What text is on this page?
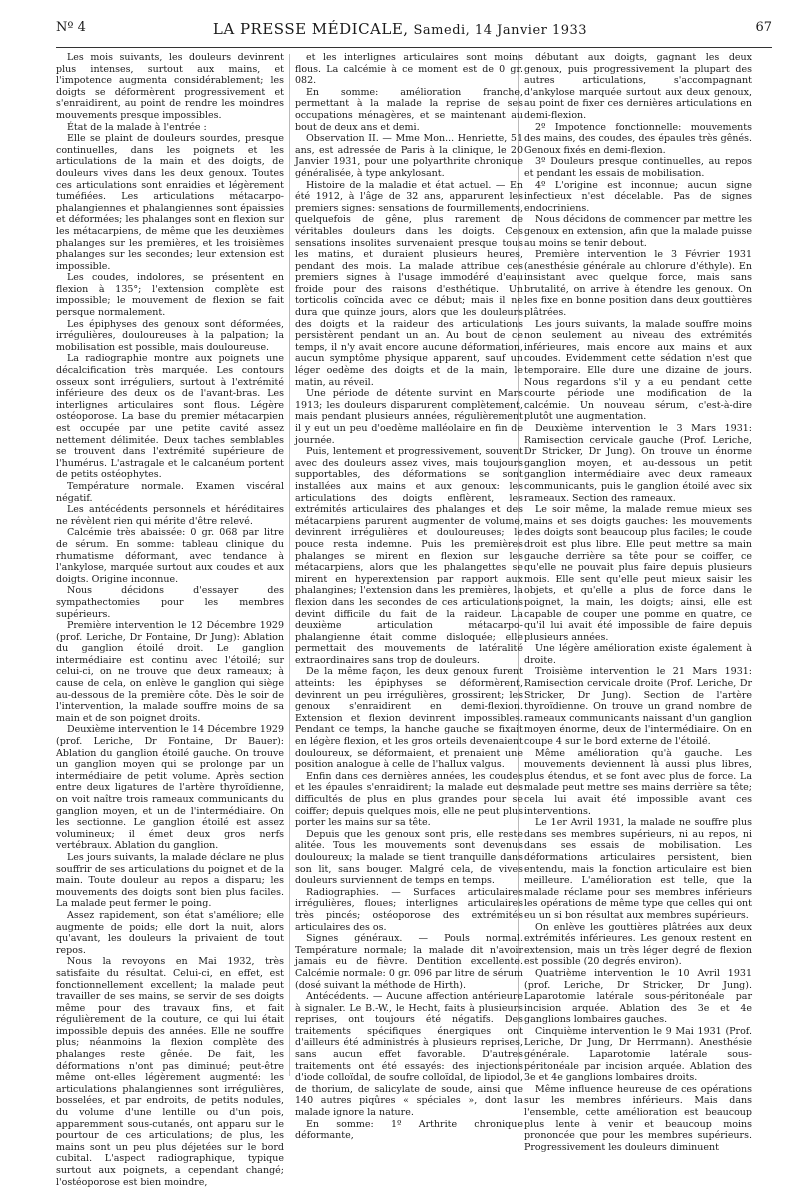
Nº 4	LA PRESSE MÉDICALE, Samedi, 14 Janvier 1933	67

Les mois suivants, les douleurs devinrent plus intenses, surtout aux mains, et l'impotence augmenta considérablement; les doigts se déformèrent progressivement et s'enraidirent, au point de rendre les moindres mouvements presque impossibles.

État de la malade à l'entrée :

Elle se plaint de douleurs sourdes, presque continuelles, dans les poignets et les articulations de la main et des doigts, de douleurs vives dans les deux genoux. Toutes ces articulations sont enraidies et légèrement tuméfiées. Les articulations métacarpo-phalangiennes et phalangiennes sont épaissies et déformées; les phalanges sont en flexion sur les métacarpiens, de même que les deuxièmes phalanges sur les premières, et les troisièmes phalanges sur les secondes; leur extension est impossible.

Les coudes, indolores, se présentent en flexion à 135°; l'extension complète est impossible; le mouvement de flexion se fait persque normalement.

Les épiphyses des genoux sont déformées, irrégulières, douloureuses à la palpation; la mobilisation est possible, mais douloureuse.

La radiographie montre aux poignets une décalcification très marquée. Les contours osseux sont irréguliers, surtout à l'extrémité inférieure des deux os de l'avant-bras. Les interlignes articulaires sont flous. Légère ostéoporose. La base du premier métacarpien est occupée par une petite cavité assez nettement délimitée. Deux taches semblables se trouvent dans l'extrémité supérieure de l'humérus. L'astragale et le calcanéum portent de petits ostéophytes.

Température normale. Examen viscéral négatif.

Les antécédents personnels et héréditaires ne révèlent rien qui mérite d'être relevé.

Calcémie très abaissée: 0 gr. 068 par litre de sérum. En somme: tableau clinique du rhumatisme déformant, avec tendance à l'ankylose, marquée surtout aux coudes et aux doigts. Origine inconnue.

Nous décidons d'essayer des sympathectomies pour les membres supérieurs.

Première intervention le 12 Décembre 1929 (prof. Leriche, Dr Fontaine, Dr Jung): Ablation du ganglion étoilé droit. Le ganglion intermédiaire est continu avec l'étoilé; sur celui-ci, on ne trouve que deux rameaux; à cause de cela, on enlève le ganglion qui siège au-dessous de la première côte. Dès le soir de l'intervention, la malade souffre moins de sa main et de son poignet droits.

Deuxième intervention le 14 Décembre 1929 (prof. Leriche, Dr Fontaine, Dr Bauer): Ablation du ganglion étoilé gauche. On trouve un ganglion moyen qui se prolonge par un intermédiaire de petit volume. Après section entre deux ligatures de l'artère thyroïdienne, on voit naître trois rameaux communicants du ganglion moyen, et un de l'intermédiaire. On les sectionne. Le ganglion étoilé est assez volumineux; il émet deux gros nerfs vertébraux. Ablation du ganglion.

Les jours suivants, la malade déclare ne plus souffrir de ses articulations du poignet et de la main. Toute douleur au repos a disparu; les mouvements des doigts sont bien plus faciles. La malade peut fermer le poing.

Assez rapidement, son état s'améliore; elle augmente de poids; elle dort la nuit, alors qu'avant, les douleurs la privaient de tout repos.

Nous la revoyons en Mai 1932, très satisfaite du résultat. Celui-ci, en effet, est fonctionnellement excellent; la malade peut travailler de ses mains, se servir de ses doigts même pour des travaux fins, et fait régulièrement de la couture, ce qui lui était impossible depuis des années. Elle ne souffre plus; néanmoins la flexion complète des phalanges reste gênée. De fait, les déformations n'ont pas diminué; peut-être même ont-elles légèrement augmenté: les articulations phalangiennes sont irrégulières, bosselées, et par endroits, de petits nodules, du volume d'une lentille ou d'un pois, apparemment sous-cutanés, ont apparu sur le pourtour de ces articulations; de plus, les mains sont un peu plus déjetées sur le bord cubital. L'aspect radiographique, typique surtout aux poignets, a cependant changé; l'ostéoporose est bien moindre,

et les interlignes articulaires sont moins flous. La calcémie à ce moment est de 0 gr. 082.

En somme: amélioration franche, permettant à la malade la reprise de ses occupations ménagères, et se maintenant au bout de deux ans et demi.

Observation II. — Mme Mon... Henriette, 51 ans, est adressée de Paris à la clinique, le 20 Janvier 1931, pour une polyarthrite chronique généralisée, à type ankylosant.

Histoire de la maladie et état actuel. — En été 1912, à l'âge de 32 ans, apparurent les premiers signes: sensations de fourmillements, quelquefois de gêne, plus rarement de véritables douleurs dans les doigts. Ces sensations insolites survenaient presque tous les matins, et duraient plusieurs heures, pendant des mois. La malade attribue ces premiers signes à l'usage immodéré d'eau froide pour des raisons d'esthétique. Un torticolis coïncida avec ce début; mais il ne dura que quinze jours, alors que les douleurs des doigts et la raideur des articulations persistèrent pendant un an. Au bout de ce temps, il n'y avait encore aucune déformation, aucun symptôme physique apparent, sauf un léger oedème des doigts et de la main, le matin, au réveil.

Une période de détente survint en Mars 1913; les douleurs disparurent complètement, mais pendant plusieurs années, régulièrement il y eut un peu d'oedème malléolaire en fin de journée.

Puis, lentement et progressivement, souvent avec des douleurs assez vives, mais toujours supportables, des déformations se sont installées aux mains et aux genoux: les articulations des doigts enflèrent, les extrémités articulaires des phalanges et des métacarpiens parurent augmenter de volume, devinrent irrégulières et douloureuses; le pouce resta indemne. Puis les premières phalanges se mirent en flexion sur les métacarpiens, alors que les phalangettes se mirent en hyperextension par rapport aux phalangines; l'extension dans les premières, la flexion dans les secondes de ces articulations devint difficile du fait de la raideur. La deuxième articulation métacarpo-phalangienne était comme disloquée; elle permettait des mouvements de latéralité extraordinaires sans trop de douleurs.

De la même façon, les deux genoux furent atteints: les épiphyses se déformèrent, devinrent un peu irrégulières, grossirent; les genoux s'enraidirent en demi-flexion. Extension et flexion devinrent impossibles. Pendant ce temps, la hanche gauche se fixait en légère flexion, et les gros orteils devenaient douloureux, se déformaient, et prenaient une position analogue à celle de l'hallux valgus.

Enfin dans ces dernières années, les coudes et les épaules s'enraidirent; la malade eut des difficultés de plus en plus grandes pour se coiffer; depuis quelques mois, elle ne peut plus porter les mains sur sa tête.

Depuis que les genoux sont pris, elle reste alitée. Tous les mouvements sont devenus douloureux; la malade se tient tranquille dans son lit, sans bouger. Malgré cela, de vives douleurs surviennent de temps en temps.

Radiographies. — Surfaces articulaires irrégulières, floues; interlignes articulaires très pincés; ostéoporose des extrémités articulaires des os.

Signes généraux. — Pouls normal. Température normale; la malade dit n'avoir jamais eu de fièvre. Dentition excellente. Calcémie normale: 0 gr. 096 par litre de sérum (dosé suivant la méthode de Hirth).

Antécédents. — Aucune affection antérieure à signaler. Le B.-W., le Hecht, faits à plusieurs reprises, ont toujours été négatifs. Des traitements spécifiques énergiques ont d'ailleurs été administrés à plusieurs reprises, sans aucun effet favorable. D'autres traitements ont été essayés: des injections d'iode colloïdal, de soufre colloïdal, de lipiodol, de thorium, de salicylate de soude, ainsi que 140 autres piqûres « spéciales », dont la malade ignore la nature.

En somme: 1º Arthrite chronique déformante,

débutant aux doigts, gagnant les deux genoux, puis progressivement la plupart des autres articulations, s'accompagnant d'ankylose marquée surtout aux deux genoux, au point de fixer ces dernières articulations en demi-flexion.

2º Impotence fonctionnelle: mouvements des mains, des coudes, des épaules très gênés. Genoux fixés en demi-flexion.

3º Douleurs presque continuelles, au repos et pendant les essais de mobilisation.

4º L'origine est inconnue; aucun signe infectieux n'est décelable. Pas de signes endocriniens.

Nous décidons de commencer par mettre les genoux en extension, afin que la malade puisse au moins se tenir debout.

Première intervention le 3 Février 1931 (anesthésie générale au chlorure d'éthyle). En insistant avec quelque force, mais sans brutalité, on arrive à étendre les genoux. On les fixe en bonne position dans deux gouttières plâtrées.

Les jours suivants, la malade souffre moins non seulement au niveau des extrémités inférieures, mais encore aux mains et aux coudes. Evidemment cette sédation n'est que temporaire. Elle dure une dizaine de jours. Nous regardons s'il y a eu pendant cette courte période une modification de la calcémie. Un nouveau sérum, c'est-à-dire plutôt une augmentation.

Deuxième intervention le 3 Mars 1931: Ramisection cervicale gauche (Prof. Leriche, Dr Stricker, Dr Jung). On trouve un énorme ganglion moyen, et au-dessous un petit ganglion intermédiaire avec deux rameaux communicants, puis le ganglion étoilé avec six rameaux. Section des rameaux.

Le soir même, la malade remue mieux ses mains et ses doigts gauches: les mouvements des doigts sont beaucoup plus faciles; le coude droit est plus libre. Elle peut mettre sa main gauche derrière sa tête pour se coiffer, ce qu'elle ne pouvait plus faire depuis plusieurs mois. Elle sent qu'elle peut mieux saisir les objets, et qu'elle a plus de force dans le poignet, la main, les doigts; ainsi, elle est capable de couper une pomme en quatre, ce qu'il lui avait été impossible de faire depuis plusieurs années.

Une légère amélioration existe également à droite.

Troisième intervention le 21 Mars 1931: Ramisection cervicale droite (Prof. Leriche, Dr Stricker, Dr Jung). Section de l'artère thyroïdienne. On trouve un grand nombre de rameaux communicants naissant d'un ganglion moyen énorme, deux de l'intermédiaire. On en coupe 4 sur le bord externe de l'étoilé.

Même amélioration qu'à gauche. Les mouvements deviennent là aussi plus libres, plus étendus, et se font avec plus de force. La malade peut mettre ses mains derrière sa tête; cela lui avait été impossible avant ces interventions.

Le 1er Avril 1931, la malade ne souffre plus dans ses membres supérieurs, ni au repos, ni dans ses essais de mobilisation. Les déformations articulaires persistent, bien entendu, mais la fonction articulaire est bien meilleure. L'amélioration est telle, que la malade réclame pour ses membres inférieurs les opérations de même type que celles qui ont eu un si bon résultat aux membres supérieurs.

On enlève les gouttières plâtrées aux deux extrémités inférieures. Les genoux restent en extension, mais un très léger degré de flexion est possible (20 degrés environ).

Quatrième intervention le 10 Avril 1931 (prof. Leriche, Dr Stricker, Dr Jung). Laparotomie latérale sous-péritonéale par incision arquée. Ablation des 3e et 4e ganglions lombaires gauches.

Cinquième intervention le 9 Mai 1931 (Prof. Leriche, Dr Jung, Dr Herrmann). Anesthésie générale. Laparotomie latérale sous-péritonéale par incision arquée. Ablation des 3e et 4e ganglions lombaires droits.

Même influence heureuse de ces opérations sur les membres inférieurs. Mais dans l'ensemble, cette amélioration est beaucoup plus lente à venir et beaucoup moins prononcée que pour les membres supérieurs. Progressivement les douleurs diminuent
